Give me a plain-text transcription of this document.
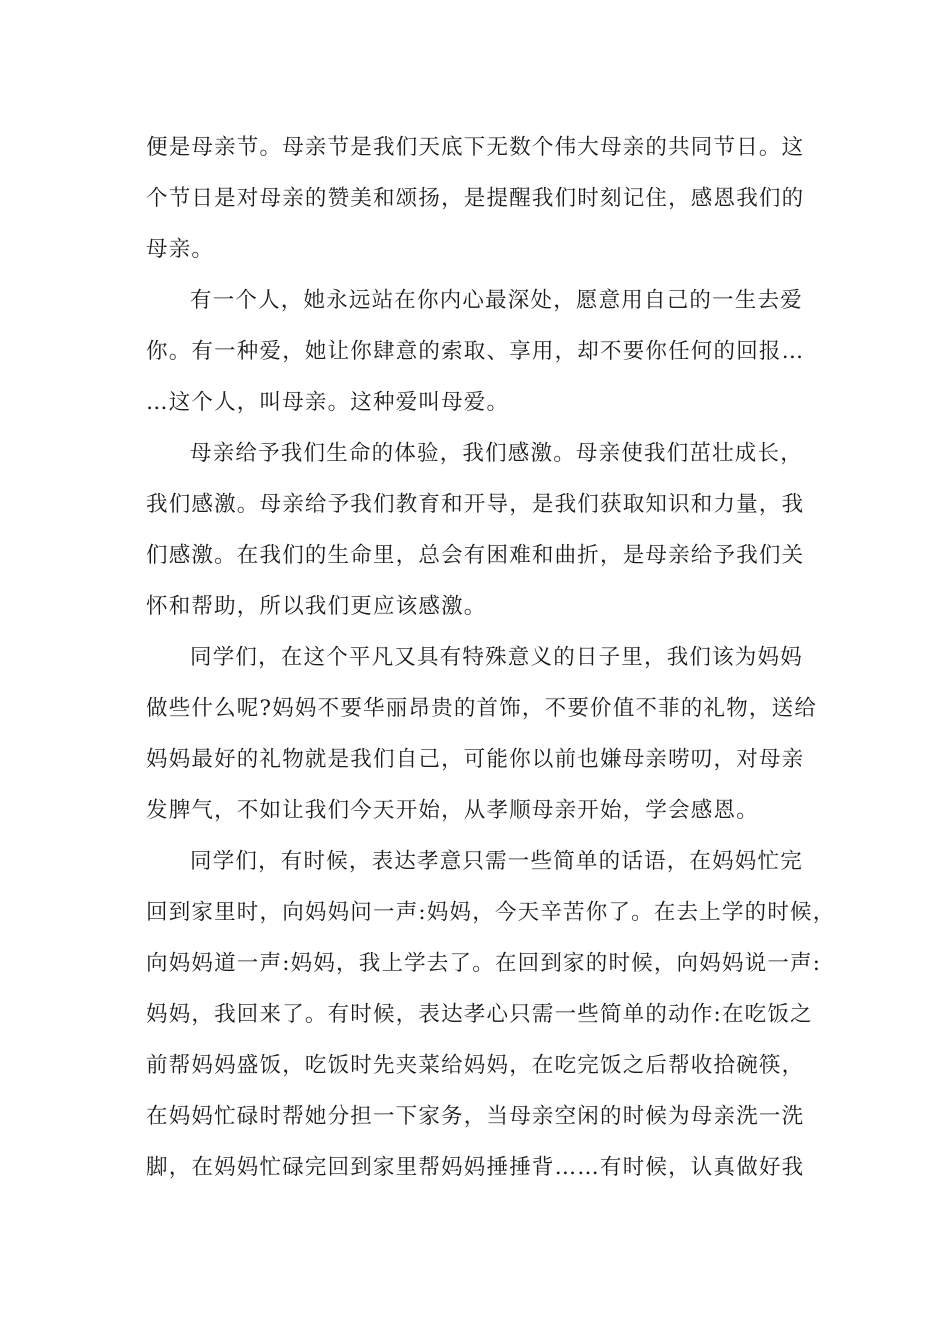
便是母亲节。母亲节是我们天底下无数个伟大母亲的共同节日。这
个节日是对母亲的赞美和颂扬，是提醒我们时刻记住，感恩我们的
母亲。
有一个人，她永远站在你内心最深处，愿意用自己的一生去爱
你。有一种爱，她让你肆意的索取、享用，却不要你任何的回报…
…这个人，叫母亲。这种爱叫母爱。
母亲给予我们生命的体验，我们感激。母亲使我们茁壮成长，
我们感激。母亲给予我们教育和开导，是我们获取知识和力量，我
们感激。在我们的生命里，总会有困难和曲折，是母亲给予我们关
怀和帮助，所以我们更应该感激。
同学们，在这个平凡又具有特殊意义的日子里，我们该为妈妈
做些什么呢?妈妈不要华丽昂贵的首饰，不要价值不菲的礼物，送给
妈妈最好的礼物就是我们自己，可能你以前也嫌母亲唠叨，对母亲
发脾气，不如让我们今天开始，从孝顺母亲开始，学会感恩。
同学们，有时候，表达孝意只需一些简单的话语，在妈妈忙完
回到家里时，向妈妈问一声:妈妈，今天辛苦你了。在去上学的时候，
向妈妈道一声:妈妈，我上学去了。在回到家的时候，向妈妈说一声:
妈妈，我回来了。有时候，表达孝心只需一些简单的动作:在吃饭之
前帮妈妈盛饭，吃饭时先夹菜给妈妈，在吃完饭之后帮收拾碗筷，
在妈妈忙碌时帮她分担一下家务，当母亲空闲的时候为母亲洗一洗
脚，在妈妈忙碌完回到家里帮妈妈捶捶背……有时候，认真做好我
